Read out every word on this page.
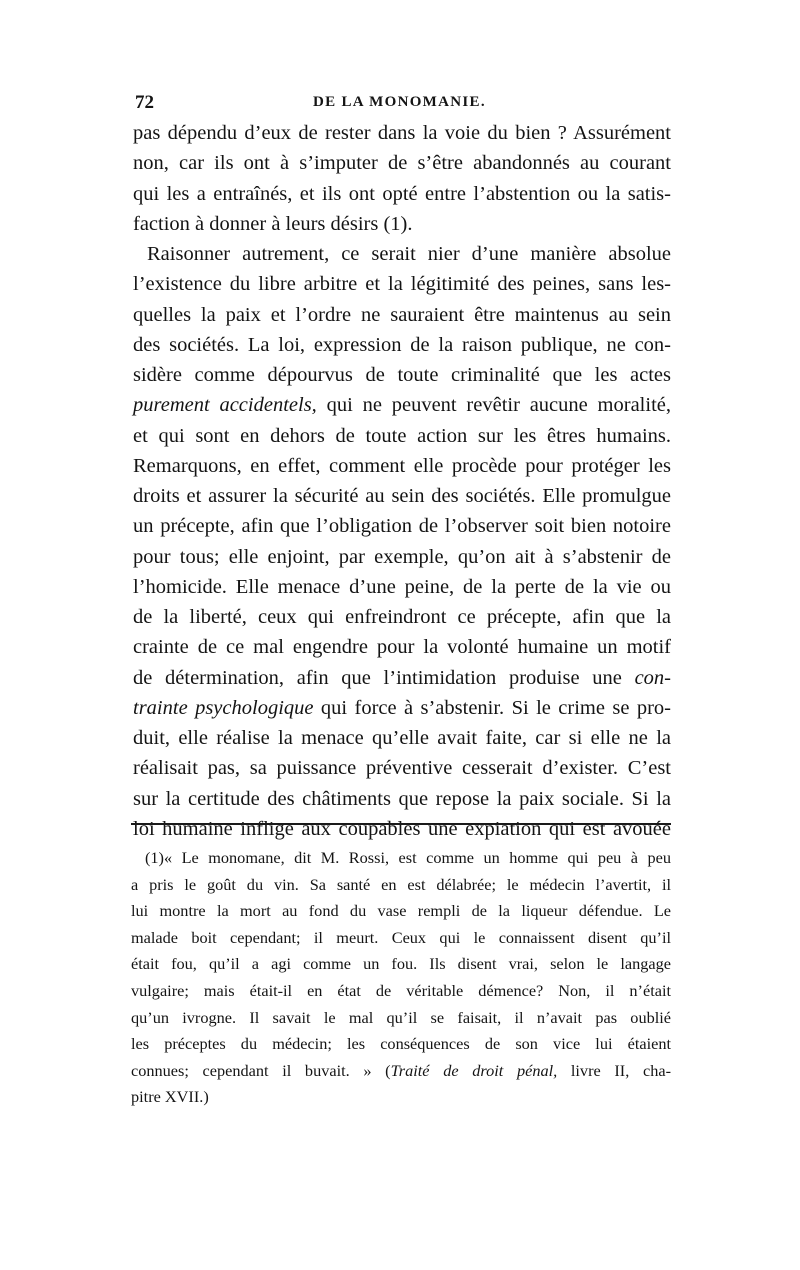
72	DE LA MONOMANIE.
pas dépendu d’eux de rester dans la voie du bien ? Assurément
non, car ils ont à s’imputer de s’être abandonnés au courant
qui les a entraînés, et ils ont opté entre l’abstention ou la satis-
faction à donner à leurs désirs (1).
Raisonner autrement, ce serait nier d’une manière absolue
l’existence du libre arbitre et la légitimité des peines, sans les-
quelles la paix et l’ordre ne sauraient être maintenus au sein
des sociétés. La loi, expression de la raison publique, ne con-
sidère comme dépourvus de toute criminalité que les actes
purement accidentels, qui ne peuvent revêtir aucune moralité,
et qui sont en dehors de toute action sur les êtres humains.
Remarquons, en effet, comment elle procède pour protéger les
droits et assurer la sécurité au sein des sociétés. Elle promulgue
un précepte, afin que l’obligation de l’observer soit bien notoire
pour tous; elle enjoint, par exemple, qu’on ait à s’abstenir de
l’homicide. Elle menace d’une peine, de la perte de la vie ou
de la liberté, ceux qui enfreindront ce précepte, afin que la
crainte de ce mal engendre pour la volonté humaine un motif
de détermination, afin que l’intimidation produise une con-
trainte psychologique qui force à s’abstenir. Si le crime se pro-
duit, elle réalise la menace qu’elle avait faite, car si elle ne la
réalisait pas, sa puissance préventive cesserait d’exister. C’est
sur la certitude des châtiments que repose la paix sociale. Si la
loi humaine inflige aux coupables une expiation qui est avouée
(1)« Le monomane, dit M. Rossi, est comme un homme qui peu à peu
a pris le goût du vin. Sa santé en est délabrée; le médecin l’avertit, il
lui montre la mort au fond du vase rempli de la liqueur défendue. Le
malade boit cependant; il meurt. Ceux qui le connaissent disent qu’il
était fou, qu’il a agi comme un fou. Ils disent vrai, selon le langage
vulgaire; mais était-il en état de véritable démence? Non, il n’était
qu’un ivrogne. Il savait le mal qu’il se faisait, il n’avait pas oublié
les préceptes du médecin; les conséquences de son vice lui étaient
connues; cependant il buvait. » (Traité de droit pénal, livre II, cha-
pitre XVII.)
